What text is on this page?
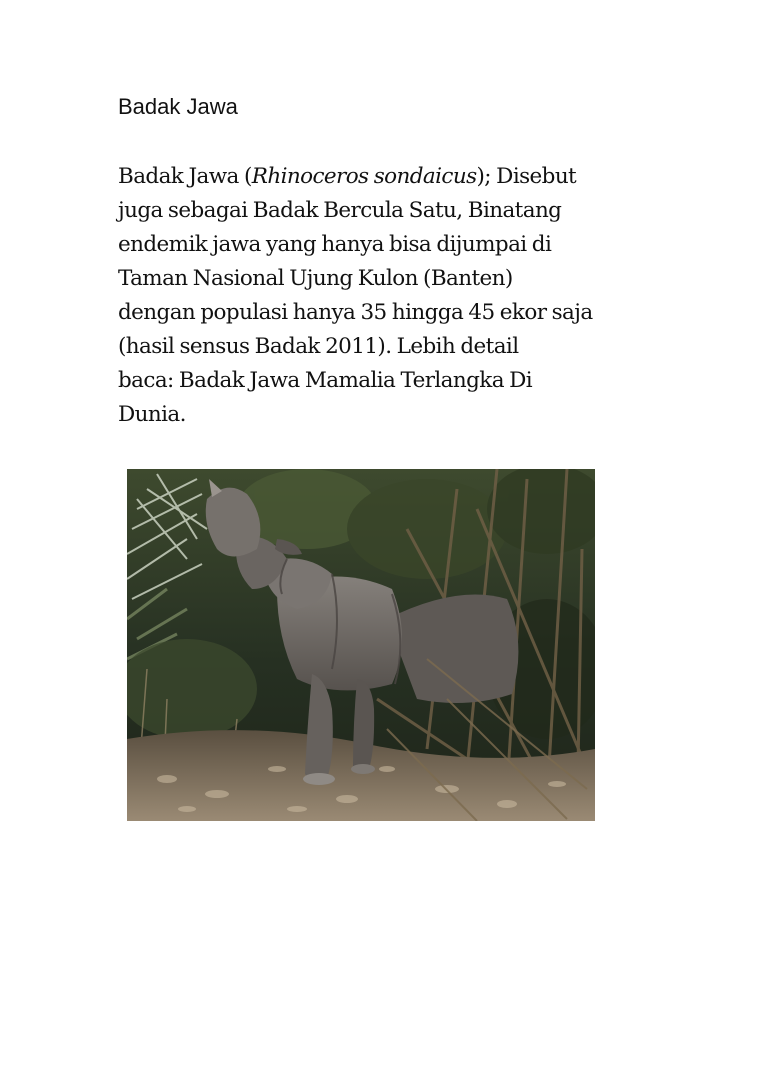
Badak Jawa
Badak Jawa (Rhinoceros sondaicus); Disebut
juga sebagai Badak Bercula Satu, Binatang
endemik jawa yang hanya bisa dijumpai di
Taman Nasional Ujung Kulon (Banten)
dengan populasi hanya 35 hingga 45 ekor saja
(hasil sensus Badak 2011). Lebih detail
baca: Badak Jawa Mamalia Terlangka Di
Dunia.
